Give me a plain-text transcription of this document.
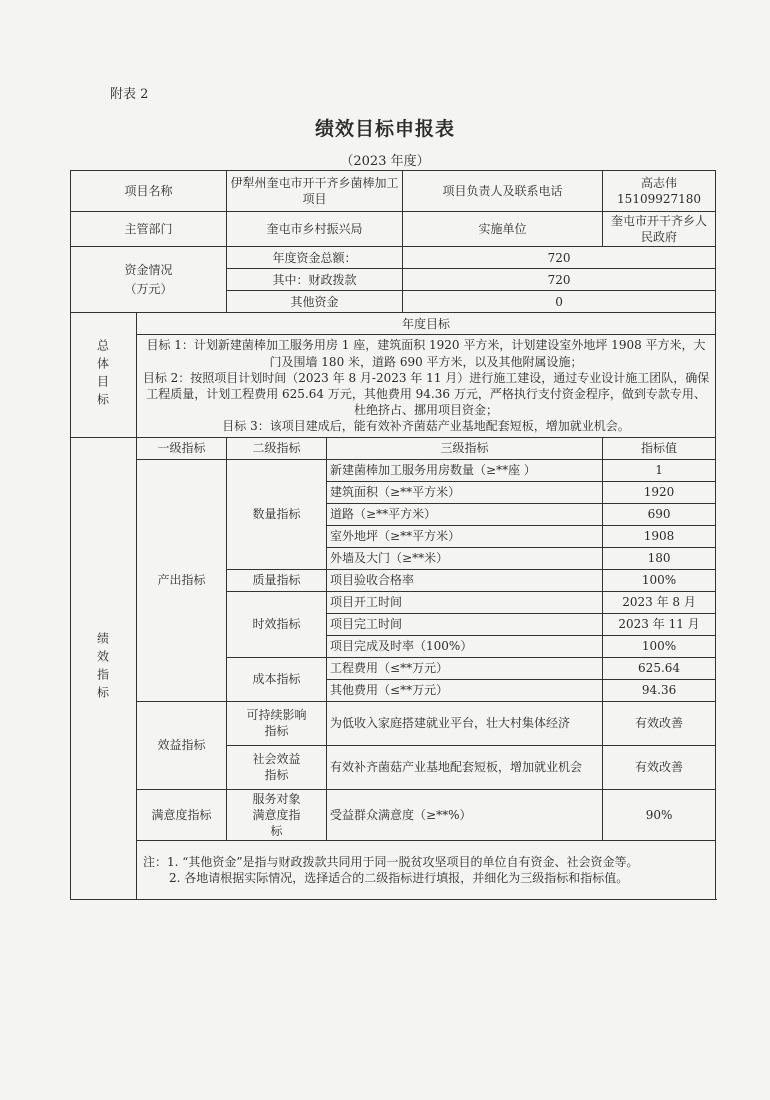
附表 2
绩效目标申报表
（2023 年度）
项目名称		伊犁州奎屯市开干齐乡菌棒加工项目		项目负责人及联系电话	高志伟 15109927180
主管部门		奎屯市乡村振兴局		实施单位	奎屯市开干齐乡人民政府

资金情况（万元）		年度资金总额：		720	
		其中：财政拨款		720	
		其他资金		0	

总体目标	年度目标				

	目标 1：计划新建菌棒加工服务用房 1 座，建筑面积 1920 平方米，计划建设室外地坪 1908 平方米，大门及围墙 180 米，道路 690 平方米，以及其他附属设施；
目标 2：按照项目计划时间（2023 年 8 月-2023 年 11 月）进行施工建设，通过专业设计施工团队，确保工程质量，计划工程费用 625.64 万元，其他费用 94.36 万元，严格执行支付资金程序，做到专款专用、杜绝挤占、挪用项目资金；
目标 3：该项目建成后，能有效补齐菌菇产业基地配套短板，增加就业机会。				

绩效指标	一级指标	二级指标	三级指标		指标值
	产出指标	数量指标	新建菌棒加工服务用房数量（≥**座 ）		1
			建筑面积（≥**平方米）		1920
			道路（≥**平方米）		690
			室外地坪（≥**平方米）		1908
			外墙及大门（≥**米）		180
		质量指标	项目验收合格率		100%
		时效指标	项目开工时间		2023 年 8 月
			项目完工时间		2023 年 11 月
			项目完成及时率（100%）		100%
		成本指标	工程费用（≤**万元）		625.64
			其他费用（≤**万元）		94.36
	效益指标	可持续影响指标	为低收入家庭搭建就业平台，壮大村集体经济		有效改善

		社会效益指标	有效补齐菌菇产业基地配套短板，增加就业机会		有效改善
	满意度指标	服务对象满意度指标	受益群众满意度（≥**%）		90%

	注：1. “其他资金”是指与财政拨款共同用于同一脱贫攻坚项目的单位自有资金、社会资金等。
2. 各地请根据实际情况，选择适合的二级指标进行填报，并细化为三级指标和指标值。				
